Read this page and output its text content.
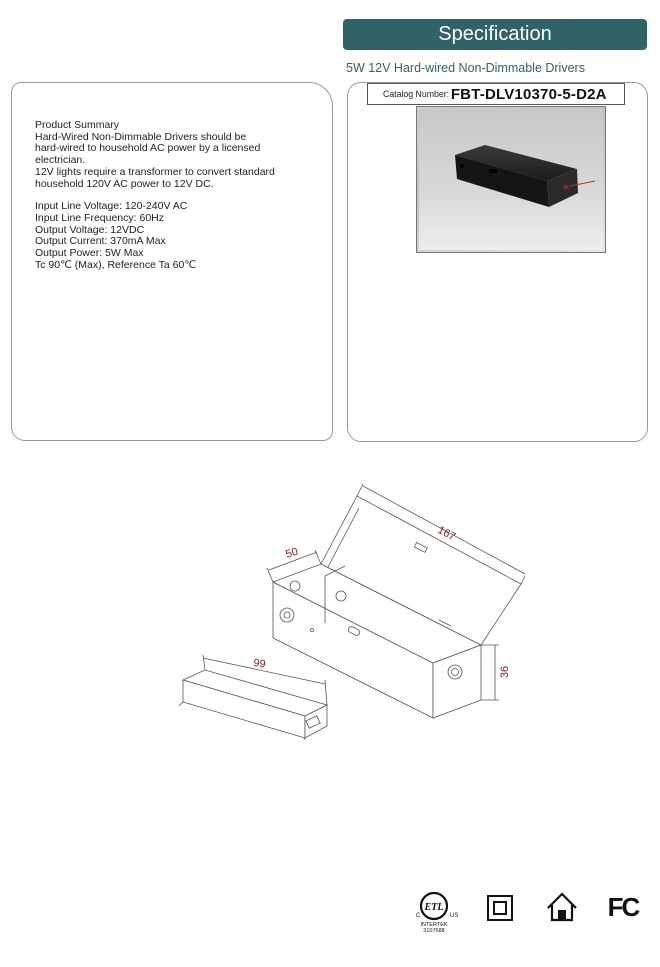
Specification
5W 12V Hard-wired Non-Dimmable Drivers
Product Summary
Hard-Wired Non-Dimmable Drivers should be
hard-wired to household AC power by a licensed
electrician.
12V lights require a transformer to convert standard
household 120V AC power to 12V DC.
Input Line Voltage: 120-240V AC
Input Line Frequency: 60Hz
Output Voltage: 12VDC
Output Current: 370mA Max
Output Power: 5W Max
Tc 90℃ (Max), Reference Ta 60℃
Catalog Number: FBT-DLV10370-5-D2A
167
50
36
99
ETL
C	US
INTERTEK
3107688
FC
